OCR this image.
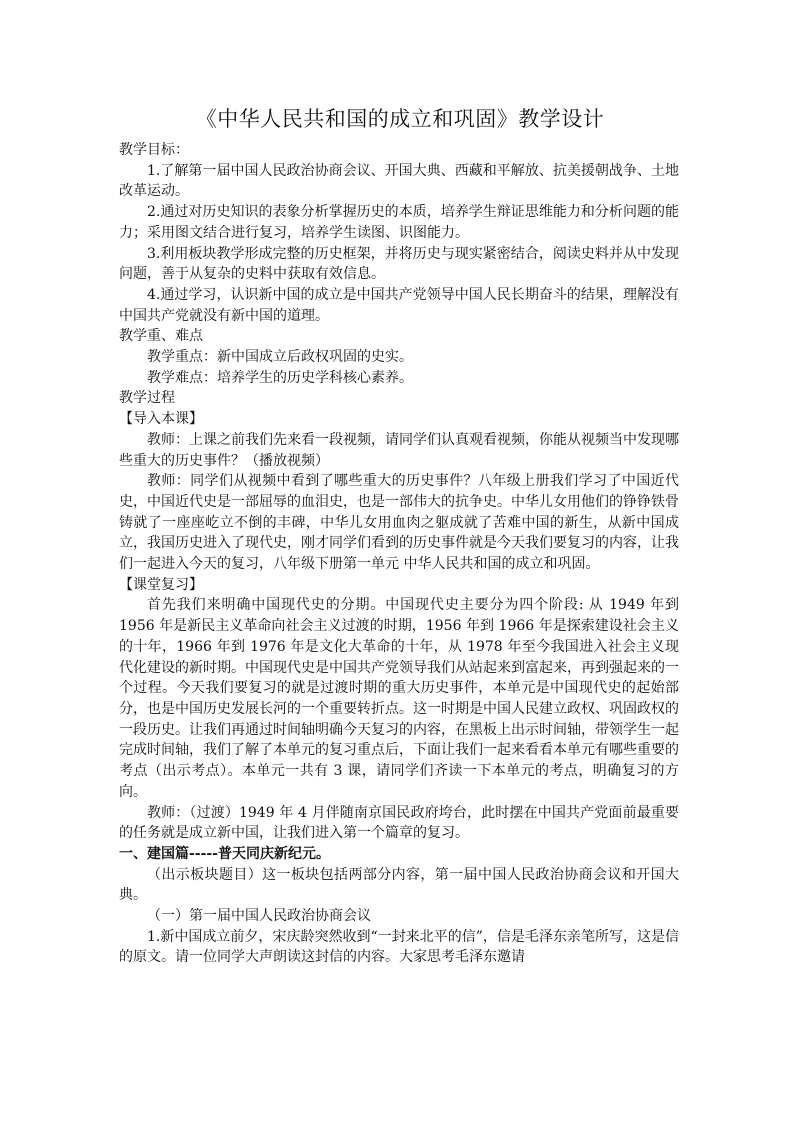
《中华人民共和国的成立和巩固》教学设计

教学目标：

1.了解第一届中国人民政治协商会议、开国大典、西藏和平解放、抗美援朝战争、土地改革运动。

2.通过对历史知识的表象分析掌握历史的本质，培养学生辩证思维能力和分析问题的能力；采用图文结合进行复习，培养学生读图、识图能力。

3.利用板块教学形成完整的历史框架，并将历史与现实紧密结合，阅读史料并从中发现问题，善于从复杂的史料中获取有效信息。

4.通过学习，认识新中国的成立是中国共产党领导中国人民长期奋斗的结果，理解没有中国共产党就没有新中国的道理。

教学重、难点

教学重点：新中国成立后政权巩固的史实。

教学难点：培养学生的历史学科核心素养。

教学过程

【导入本课】

教师：上课之前我们先来看一段视频，请同学们认真观看视频，你能从视频当中发现哪些重大的历史事件？（播放视频）

教师：同学们从视频中看到了哪些重大的历史事件？八年级上册我们学习了中国近代史，中国近代史是一部屈辱的血泪史，也是一部伟大的抗争史。中华儿女用他们的铮铮铁骨铸就了一座座屹立不倒的丰碑，中华儿女用血肉之躯成就了苦难中国的新生，从新中国成立，我国历史进入了现代史，刚才同学们看到的历史事件就是今天我们要复习的内容，让我们一起进入今天的复习，八年级下册第一单元 中华人民共和国的成立和巩固。

【课堂复习】

首先我们来明确中国现代史的分期。中国现代史主要分为四个阶段: 从 1949 年到 1956 年是新民主义革命向社会主义过渡的时期，1956 年到 1966 年是探索建设社会主义的十年，1966 年到 1976 年是文化大革命的十年，从 1978 年至今我国进入社会主义现代化建设的新时期。中国现代史是中国共产党领导我们从站起来到富起来，再到强起来的一个过程。今天我们要复习的就是过渡时期的重大历史事件，本单元是中国现代史的起始部分，也是中国历史发展长河的一个重要转折点。这一时期是中国人民建立政权、巩固政权的一段历史。让我们再通过时间轴明确今天复习的内容，在黑板上出示时间轴，带领学生一起完成时间轴，我们了解了本单元的复习重点后，下面让我们一起来看看本单元有哪些重要的考点（出示考点）。本单元一共有 3 课，请同学们齐读一下本单元的考点，明确复习的方向。

教师：（过渡）1949 年 4 月伴随南京国民政府垮台，此时摆在中国共产党面前最重要的任务就是成立新中国，让我们进入第一个篇章的复习。

一、建国篇-----普天同庆新纪元。

（出示板块题目）这一板块包括两部分内容，第一届中国人民政治协商会议和开国大典。

（一）第一届中国人民政治协商会议

1.新中国成立前夕，宋庆龄突然收到“一封来北平的信”，信是毛泽东亲笔所写，这是信的原文。请一位同学大声朗读这封信的内容。大家思考毛泽东邀请
